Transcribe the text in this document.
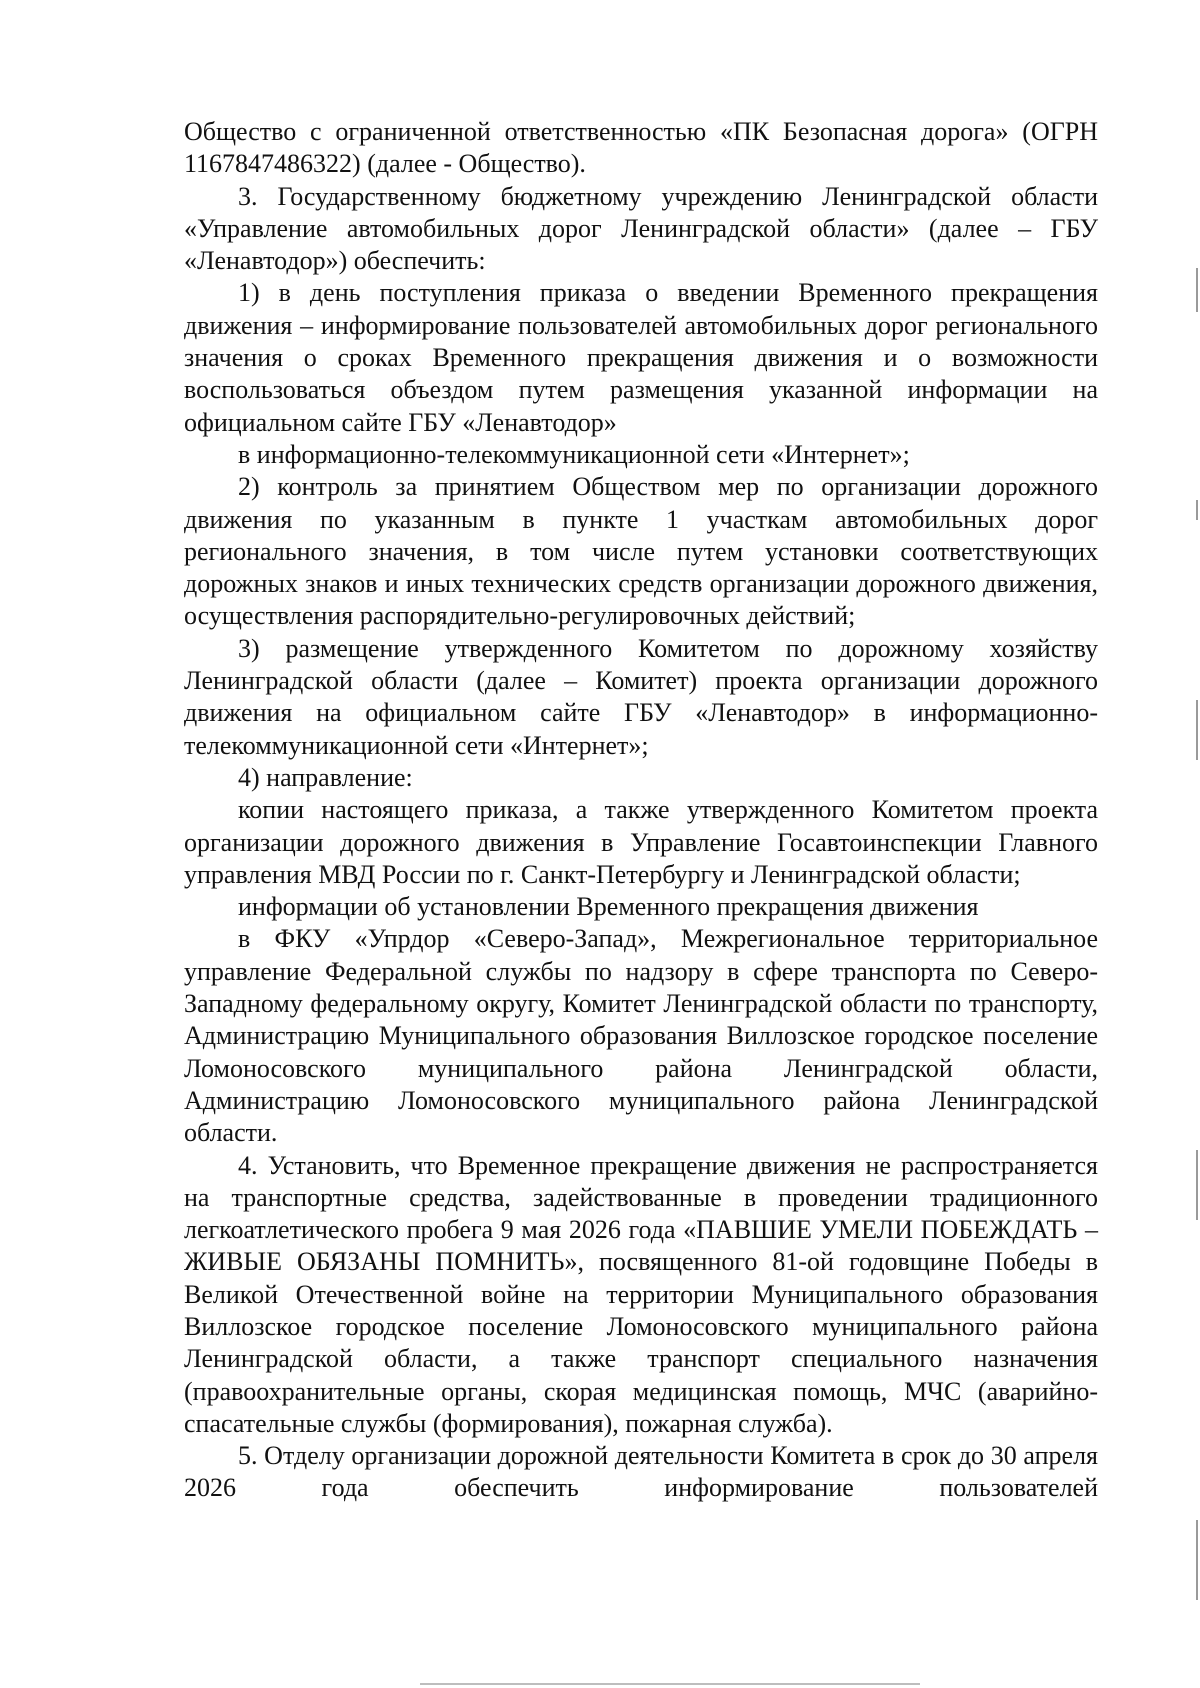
Общество с ограниченной ответственностью «ПК Безопасная дорога» (ОГРН 1167847486322) (далее - Общество).

3. Государственному бюджетному учреждению Ленинградской области «Управление автомобильных дорог Ленинградской области» (далее – ГБУ «Ленавтодор») обеспечить:

1) в день поступления приказа о введении Временного прекращения движения – информирование пользователей автомобильных дорог регионального значения о сроках Временного прекращения движения и о возможности воспользоваться объездом путем размещения указанной информации на официальном сайте ГБУ «Ленавтодор»

в информационно-телекоммуникационной сети «Интернет»;

2) контроль за принятием Обществом мер по организации дорожного движения по указанным в пункте 1 участкам автомобильных дорог регионального значения, в том числе путем установки соответствующих дорожных знаков и иных технических средств организации дорожного движения, осуществления распорядительно-регулировочных действий;

3) размещение утвержденного Комитетом по дорожному хозяйству Ленинградской области (далее – Комитет) проекта организации дорожного движения на официальном сайте ГБУ «Ленавтодор» в информационно-телекоммуникационной сети «Интернет»;

4) направление:

копии настоящего приказа, а также утвержденного Комитетом проекта организации дорожного движения в Управление Госавтоинспекции Главного управления МВД России по г. Санкт-Петербургу и Ленинградской области;

информации об установлении Временного прекращения движения

в ФКУ «Упрдор «Северо-Запад», Межрегиональное территориальное управление Федеральной службы по надзору в сфере транспорта по Северо-Западному федеральному округу, Комитет Ленинградской области по транспорту, Администрацию Муниципального образования Виллозское городское поселение Ломоносовского муниципального района Ленинградской области, Администрацию Ломоносовского муниципального района Ленинградской области.

4. Установить, что Временное прекращение движения не распространяется на транспортные средства, задействованные в проведении традиционного легкоатлетического пробега 9 мая 2026 года «ПАВШИЕ УМЕЛИ ПОБЕЖДАТЬ – ЖИВЫЕ ОБЯЗАНЫ ПОМНИТЬ», посвященного 81-ой годовщине Победы в Великой Отечественной войне на территории Муниципального образования Виллозское городское поселение Ломоносовского муниципального района Ленинградской области, а также транспорт специального назначения (правоохранительные органы, скорая медицинская помощь, МЧС (аварийно-спасательные службы (формирования), пожарная служба).

5. Отделу организации дорожной деятельности Комитета в срок до 30 апреля 2026 года обеспечить информирование пользователей
